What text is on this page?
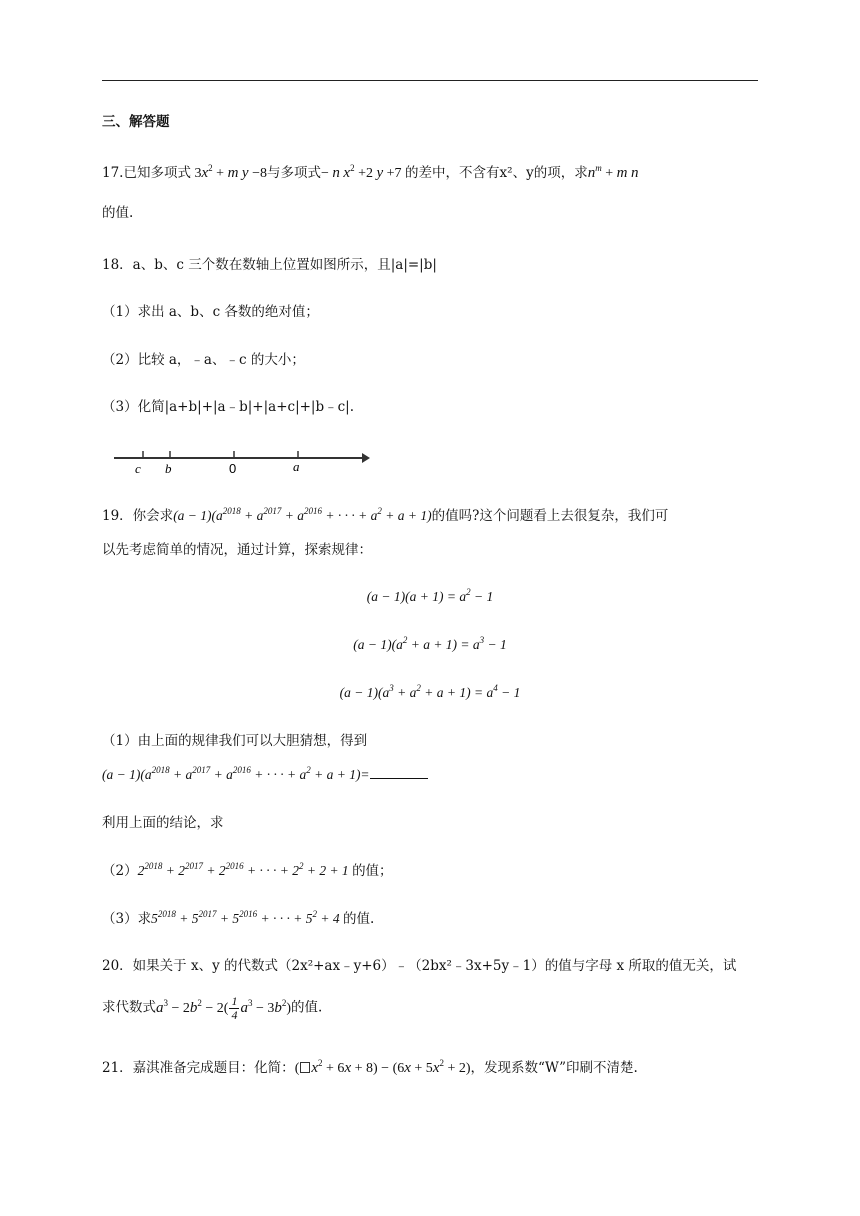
三、解答题
17.已知多项式 $3x^2 + m$ y −8与多项式− n $x^2 +2$ y +7 的差中，不含有x²、y的项，求$n^m + m$ n
的值.
18．a、b、c 三个数在数轴上位置如图所示，且|a|=|b|
（1）求出 a、b、c 各数的绝对值；
（2）比较 a，﹣a、﹣c 的大小；
（3）化简|a+b|+|a﹣b|+|a+c|+|b﹣c|.
c b	0	a
19．你会求$(a - 1)(a^{2018} + a^{2017} + a^{2016}$ + · · · + $a^2 + a + 1$)的值吗?这个问题看上去很复杂，我们可
以先考虑简单的情况，通过计算，探索规律：
$(a - 1)(a + 1) = a^2 - 1$
$(a - 1)(a^2 + a + 1) = a^3 - 1$
$(a - 1)(a^3 + a^2 + a + 1) = a^4 - 1$
（1）由上面的规律我们可以大胆猜想，得到
$(a - 1)(a^{2018} + a^{2017} + a^{2016}$ + · · · + $a^2 + a + 1)=$
利用上面的结论，求
$(2)2^{2018} + 2^{2017} + 2^{2016}$ + · · · + $2^2 + 2 + 1$ 的值；
（3）求$5^{2018} + 5^{2017} + 5^{2016}$ + · · · + $5^2 + 4$ 的值.
20．如果关于 x、y 的代数式（2x²+ax﹣y+6）﹣（2bx²﹣3x+5y﹣1）的值与字母 x 所取的值无关，试
求代数式$a^3 - 2b^2 - 2( \frac{1}{4} a^3 - 3b^2)$的值.
21．嘉淇准备完成题目：化简：( $x^2 + 6x + 8) - (6x + 5x^2 + 2)$，发现系数“W”印刷不清楚.
